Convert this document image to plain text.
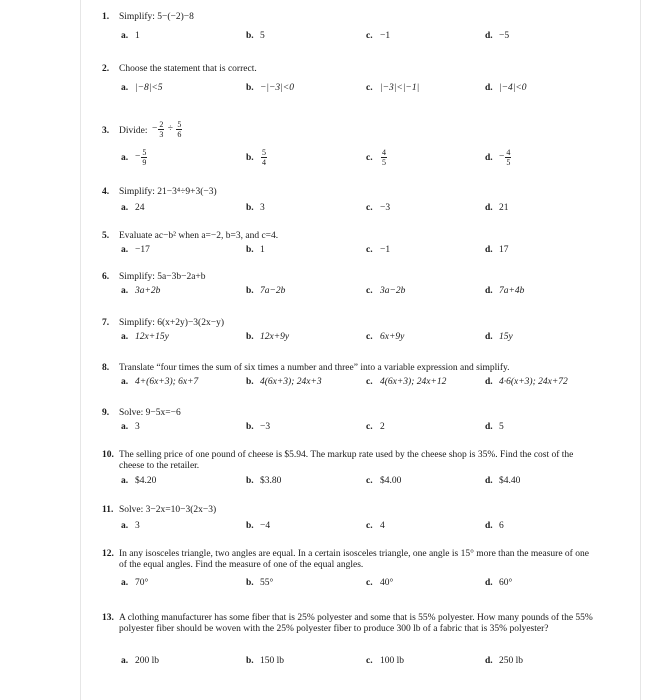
1. Simplify: 5−(−2)−8
a. 1	b. 5	c. −1	d. −5
2. Choose the statement that is correct.
a. |−8|<5	b. −|−3|<0	c. |−3|<|−1|	d. |−4|<0
3. Divide: − $\frac{2}{3} \div \frac{5}{6}$
a. − $\frac{5}{9}$	b. $\frac{5}{4}$	c. $\frac{4}{5}$	d. − $\frac{4}{5}$
4. Simplify: 21−3⁴÷9+3(−3)
a. 24	b. 3	c. −3	d. 21
5. Evaluate ac−b² when a=−2, b=3, and c=4.
a. −17	b. 1	c. −1	d. 17
6. Simplify: 5a−3b−2a+b
a. 3a+2b	b. 7a−2b	c. 3a−2b	d. 7a+4b
7. Simplify: 6(x+2y)−3(2x−y)
a. 12x+15y	b. 12x+9y	c. 6x+9y	d. 15y
8. Translate “four times the sum of six times a number and three” into a variable expression and simplify.
a. 4+(6x+3); 6x+7	b. 4(6x+3); 24x+3	c. 4(6x+3); 24x+12	d. 4·6(x+3); 24x+72
9. Solve: 9−5x=−6
a. 3	b. −3	c. 2	d. 5
10. The selling price of one pound of cheese is $5.94. The markup rate used by the cheese shop is 35%. Find the cost of the cheese to the retailer.
a. $4.20	b. $3.80	c. $4.00	d. $4.40
11. Solve: 3−2x=10−3(2x−3)
a. 3	b. −4	c. 4	d. 6
12. In any isosceles triangle, two angles are equal. In a certain isosceles triangle, one angle is 15° more than the measure of one of the equal angles. Find the measure of one of the equal angles.
a. 70°	b. 55°	c. 40°	d. 60°
13. A clothing manufacturer has some fiber that is 25% polyester and some that is 55% polyester. How many pounds of the 55% polyester fiber should be woven with the 25% polyester fiber to produce 300 lb of a fabric that is 35% polyester?
a. 200 lb	b. 150 lb	c. 100 lb	d. 250 lb
